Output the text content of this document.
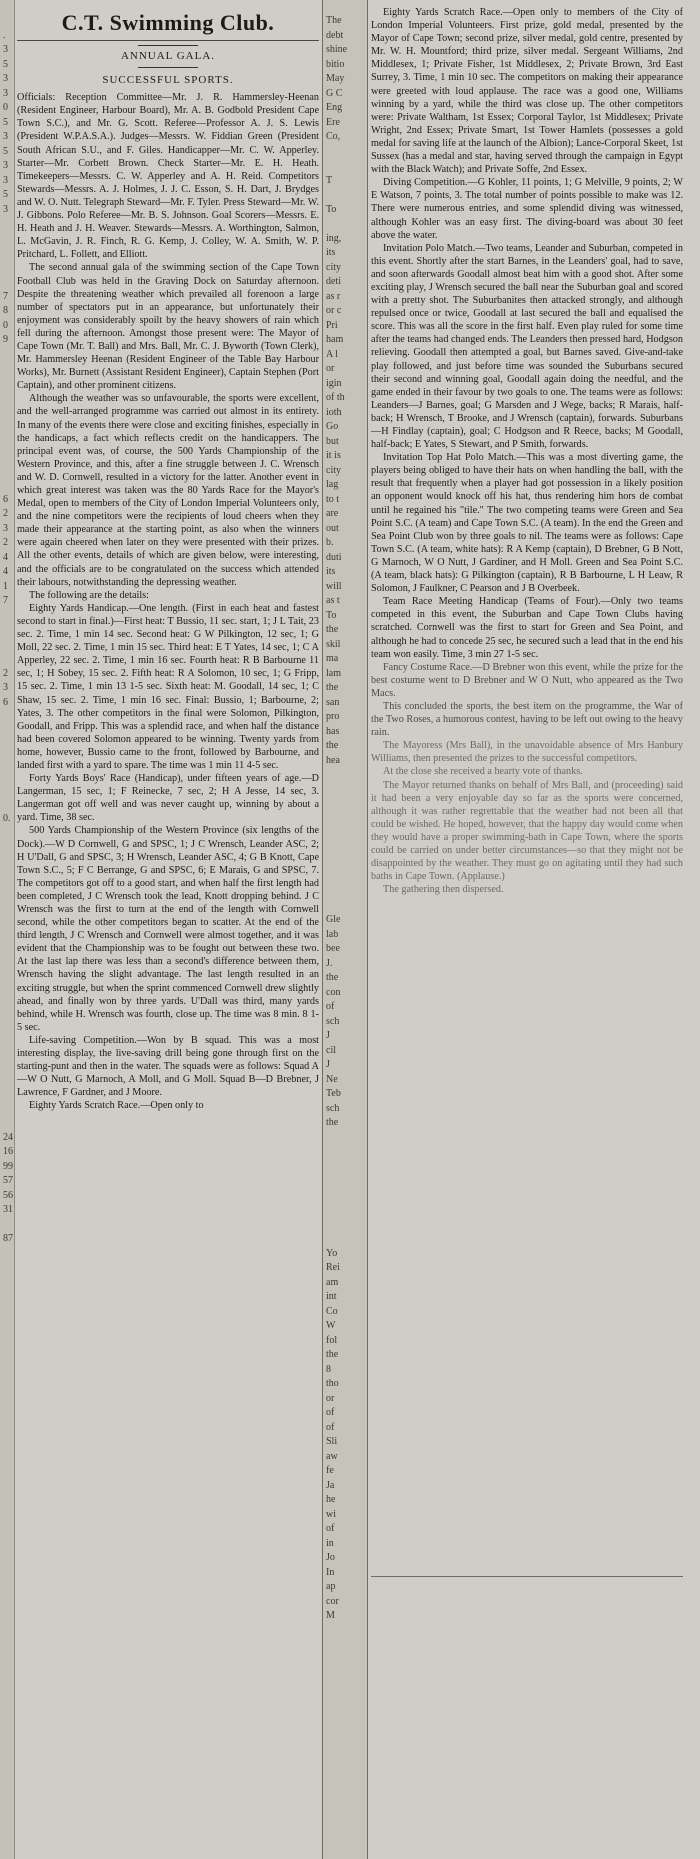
.
3
5
3
3
0
5
3
5
3
3
5
3

7
8
0
9

6
2
3
2
4
4
1
7

2
3
6

0.

24
16
99
57
56
31

87
C.T. Swimming Club.
ANNUAL GALA.
SUCCESSFUL SPORTS.

Officials: Reception Committee—Mr. J. R. Hammersley-Heenan (Resident Engineer, Harbour Board), Mr. A. B. Godbold President Cape Town S.C.), and Mr. G. Scott. Referee—Professor A. J. S. Lewis (President W.P.A.S.A.). Judges—Messrs. W. Fiddian Green (President South African S.U., and F. Giles. Handicapper—Mr. C. W. Apperley. Starter—Mr. Corbett Brown. Check Starter—Mr. E. H. Heath. Timekeepers—Messrs. C. W. Apperley and A. H. Reid. Competitors Stewards—Messrs. A. J. Holmes, J. J. C. Esson, S. H. Dart, J. Brydges and W. O. Nutt. Telegraph Steward—Mr. F. Tyler. Press Steward—Mr. W. J. Gibbons. Polo Referee—Mr. B. S. Johnson. Goal Scorers—Messrs. E. H. Heath and J. H. Weaver. Stewards—Messrs. A. Worthington, Salmon, L. McGavin, J. R. Finch, R. G. Kemp, J. Colley, W. A. Smith, W. P. Pritchard, L. Follett, and Elliott.

The second annual gala of the swimming section of the Cape Town Football Club was held in the Graving Dock on Saturday afternoon. Despite the threatening weather which prevailed all forenoon a large number of spectators put in an appearance, but unfortunately their enjoyment was considerably spoilt by the heavy showers of rain which fell during the afternoon. Amongst those present were: The Mayor of Cape Town (Mr. T. Ball) and Mrs. Ball, Mr. C. J. Byworth (Town Clerk), Mr. Hammersley Heenan (Resident Engineer of the Table Bay Harbour Works), Mr. Burnett (Assistant Resident Engineer), Captain Stephen (Port Captain), and other prominent citizens.

Although the weather was so unfavourable, the sports were excellent, and the well-arranged programme was carried out almost in its entirety. In many of the events there were close and exciting finishes, especially in the handicaps, a fact which reflects credit on the handicappers. The principal event was, of course, the 500 Yards Championship of the Western Province, and this, after a fine struggle between J. C. Wrensch and W. D. Cornwell, resulted in a victory for the latter. Another event in which great interest was taken was the 80 Yards Race for the Mayor's Medal, open to members of the City of London Imperial Volunteers only, and the nine competitors were the recipients of loud cheers when they made their appearance at the starting point, as also when the winners were again cheered when later on they were presented with their prizes. All the other events, details of which are given below, were interesting, and the officials are to be congratulated on the success which attended their labours, notwithstanding the depressing weather.

The following are the details:

Eighty Yards Handicap.—One length. (First in each heat and fastest second to start in final.)—First heat: T Bussio, 11 sec. start, 1; J L Tait, 23 sec. 2. Time, 1 min 14 sec. Second heat: G W Pilkington, 12 sec, 1; G Moll, 22 sec. 2. Time, 1 min 15 sec. Third heat: E T Yates, 14 sec, 1; C A Apperley, 22 sec. 2. Time, 1 min 16 sec. Fourth heat: R B Barbourne 11 sec, 1; H Sobey, 15 sec. 2. Fifth heat: R A Solomon, 10 sec, 1; G Fripp, 15 sec. 2. Time, 1 min 13 1-5 sec. Sixth heat: M. Goodall, 14 sec, 1; C Shaw, 15 sec. 2. Time, 1 min 16 sec. Final: Bussio, 1; Barbourne, 2; Yates, 3. The other competitors in the final were Solomon, Pilkington, Goodall, and Fripp. This was a splendid race, and when half the distance had been covered Solomon appeared to be winning. Twenty yards from home, however, Bussio came to the front, followed by Barbourne, and landed first with a yard to spare. The time was 1 min 11 4-5 sec.

Forty Yards Boys' Race (Handicap), under fifteen years of age.—D Langerman, 15 sec, 1; F Reinecke, 7 sec, 2; H A Jesse, 14 sec, 3. Langerman got off well and was never caught up, winning by about a yard. Time, 38 sec.

500 Yards Championship of the Western Province (six lengths of the Dock).—W D Cornwell, G and SPSC, 1; J C Wrensch, Leander ASC, 2; H U'Dall, G and SPSC, 3; H Wrensch, Leander ASC, 4; G B Knott, Cape Town S.C., 5; F C Berrange, G and SPSC, 6; E Marais, G and SPSC, 7. The competitors got off to a good start, and when half the first length had been completed, J C Wrensch took the lead, Knott dropping behind. J C Wrensch was the first to turn at the end of the length with Cornwell second, while the other competitors began to scatter. At the end of the third length, J C Wrensch and Cornwell were almost together, and it was evident that the Championship was to be fought out between these two. At the last lap there was less than a second's difference between them, Wrensch having the slight advantage. The last length resulted in an exciting struggle, but when the sprint commenced Cornwell drew slightly ahead, and finally won by three yards. U'Dall was third, many yards behind, while H. Wrensch was fourth, close up. The time was 8 min. 8 1-5 sec.

Life-saving Competition.—Won by B squad. This was a most interesting display, the live-saving drill being gone through first on the starting-punt and then in the water. The squads were as follows: Squad A—W O Nutt, G Marnoch, A Moll, and G Moll. Squad B—D Brebner, J Lawrence, F Gardner, and J Moore.

Eighty Yards Scratch Race.—Open only to

The
debt
shine
bitio
May
G C
Eng
Ere
Co,

T

To

ing,
its
city
deti
as r
or c
Pri
ham
A l
or
igin
of th
ioth
Go
but
it is
city
lag
to t
are
out
b.
duti
its
will
as t
To
the
skil
ma
lam
the
san
pro
has
the
hea

Gle
lab
bee
J.
the
con
of
sch
J
cil
J
Ne
Teb
sch
the

Yo
Rei
am
int
Co
W
fol
the
8
tho
or
of
of
Sli
aw
fe
Ja
he
wi
of
in
Jo
In
ap
cor
M

Eighty Yards Scratch Race.—Open only to members of the City of London Imperial Volunteers. First prize, gold medal, presented by the Mayor of Cape Town; second prize, silver medal, gold centre, presented by Mr. W. H. Mountford; third prize, silver medal. Sergeant Williams, 2nd Middlesex, 1; Private Fisher, 1st Middlesex, 2; Private Brown, 3rd East Surrey, 3. Time, 1 min 10 sec. The competitors on making their appearance were greeted with loud applause. The race was a good one, Williams winning by a yard, while the third was close up. The other competitors were: Private Waltham, 1st Essex; Corporal Taylor, 1st Middlesex; Private Wright, 2nd Essex; Private Smart, 1st Tower Hamlets (possesses a gold medal for saving life at the launch of the Albion); Lance-Corporal Skeet, 1st Sussex (has a medal and star, having served through the campaign in Egypt with the Black Watch); and Private Soffe, 2nd Essex.

Diving Competition.—G Kohler, 11 points, 1; G Melville, 9 points, 2; W E Watson, 7 points, 3. The total number of points possible to make was 12. There were numerous entries, and some splendid diving was witnessed, although Kohler was an easy first. The diving-board was about 30 feet above the water.

Invitation Polo Match.—Two teams, Leander and Suburban, competed in this event. Shortly after the start Barnes, in the Leanders' goal, had to save, and soon afterwards Goodall almost beat him with a good shot. After some exciting play, J Wrensch secured the ball near the Suburban goal and scored with a pretty shot. The Suburbanites then attacked strongly, and although repulsed once or twice, Goodall at last secured the ball and equalised the score. This was all the score in the first half. Even play ruled for some time after the teams had changed ends. The Leanders then pressed hard, Hodgson relieving. Goodall then attempted a goal, but Barnes saved. Give-and-take play followed, and just before time was sounded the Suburbans secured their second and winning goal, Goodall again doing the needful, and the game ended in their favour by two goals to one. The teams were as follows: Leanders—J Barnes, goal; G Marsden and J Wege, backs; R Marais, half-back; H Wrensch, T Brooke, and J Wrensch (captain), forwards. Suburbans—H Findlay (captain), goal; C Hodgson and R Reece, backs; M Goodall, half-back; E Yates, S Stewart, and P Smith, forwards.

Invitation Top Hat Polo Match.—This was a most diverting game, the players being obliged to have their hats on when handling the ball, with the result that frequently when a player had got possession in a likely position an opponent would knock off his hat, thus rendering him hors de combat until he regained his "tile." The two competing teams were Green and Sea Point S.C. (A team) and Cape Town S.C. (A team). In the end the Green and Sea Point Club won by three goals to nil. The teams were as follows: Cape Town S.C. (A team, white hats): R A Kemp (captain), D Brebner, G B Nott, G Marnoch, W O Nutt, J Gardiner, and H Moll. Green and Sea Point S.C. (A team, black hats): G Pilkington (captain), R B Barbourne, L H Leaw, R Solomon, J Faulkner, C Pearson and J B Overbeek.

Team Race Meeting Handicap (Teams of Four).—Only two teams competed in this event, the Suburban and Cape Town Clubs having scratched. Cornwell was the first to start for Green and Sea Point, and although he had to concede 25 sec, he secured such a lead that in the end his team won easily. Time, 3 min 27 1-5 sec.

Fancy Costume Race.—D Brebner won this event, while the prize for the best costume went to D Brebner and W O Nutt, who appeared as the Two Macs.

This concluded the sports, the best item on the programme, the War of the Two Roses, a humorous contest, having to be left out owing to the heavy rain.

The Mayoress (Mrs Ball), in the unavoidable absence of Mrs Hanbury Williams, then presented the prizes to the successful competitors.

At the close she received a hearty vote of thanks.

The Mayor returned thanks on behalf of Mrs Ball, and (proceeding) said it had been a very enjoyable day so far as the sports were concerned, although it was rather regrettable that the weather had not been all that could be wished. He hoped, however, that the happy day would come when they would have a proper swimming-bath in Cape Town, where the sports could be carried on under better circumstances—so that they might not be disappointed by the weather. They must go on agitating until they had such baths in Cape Town. (Applause.)

The gathering then dispersed.
